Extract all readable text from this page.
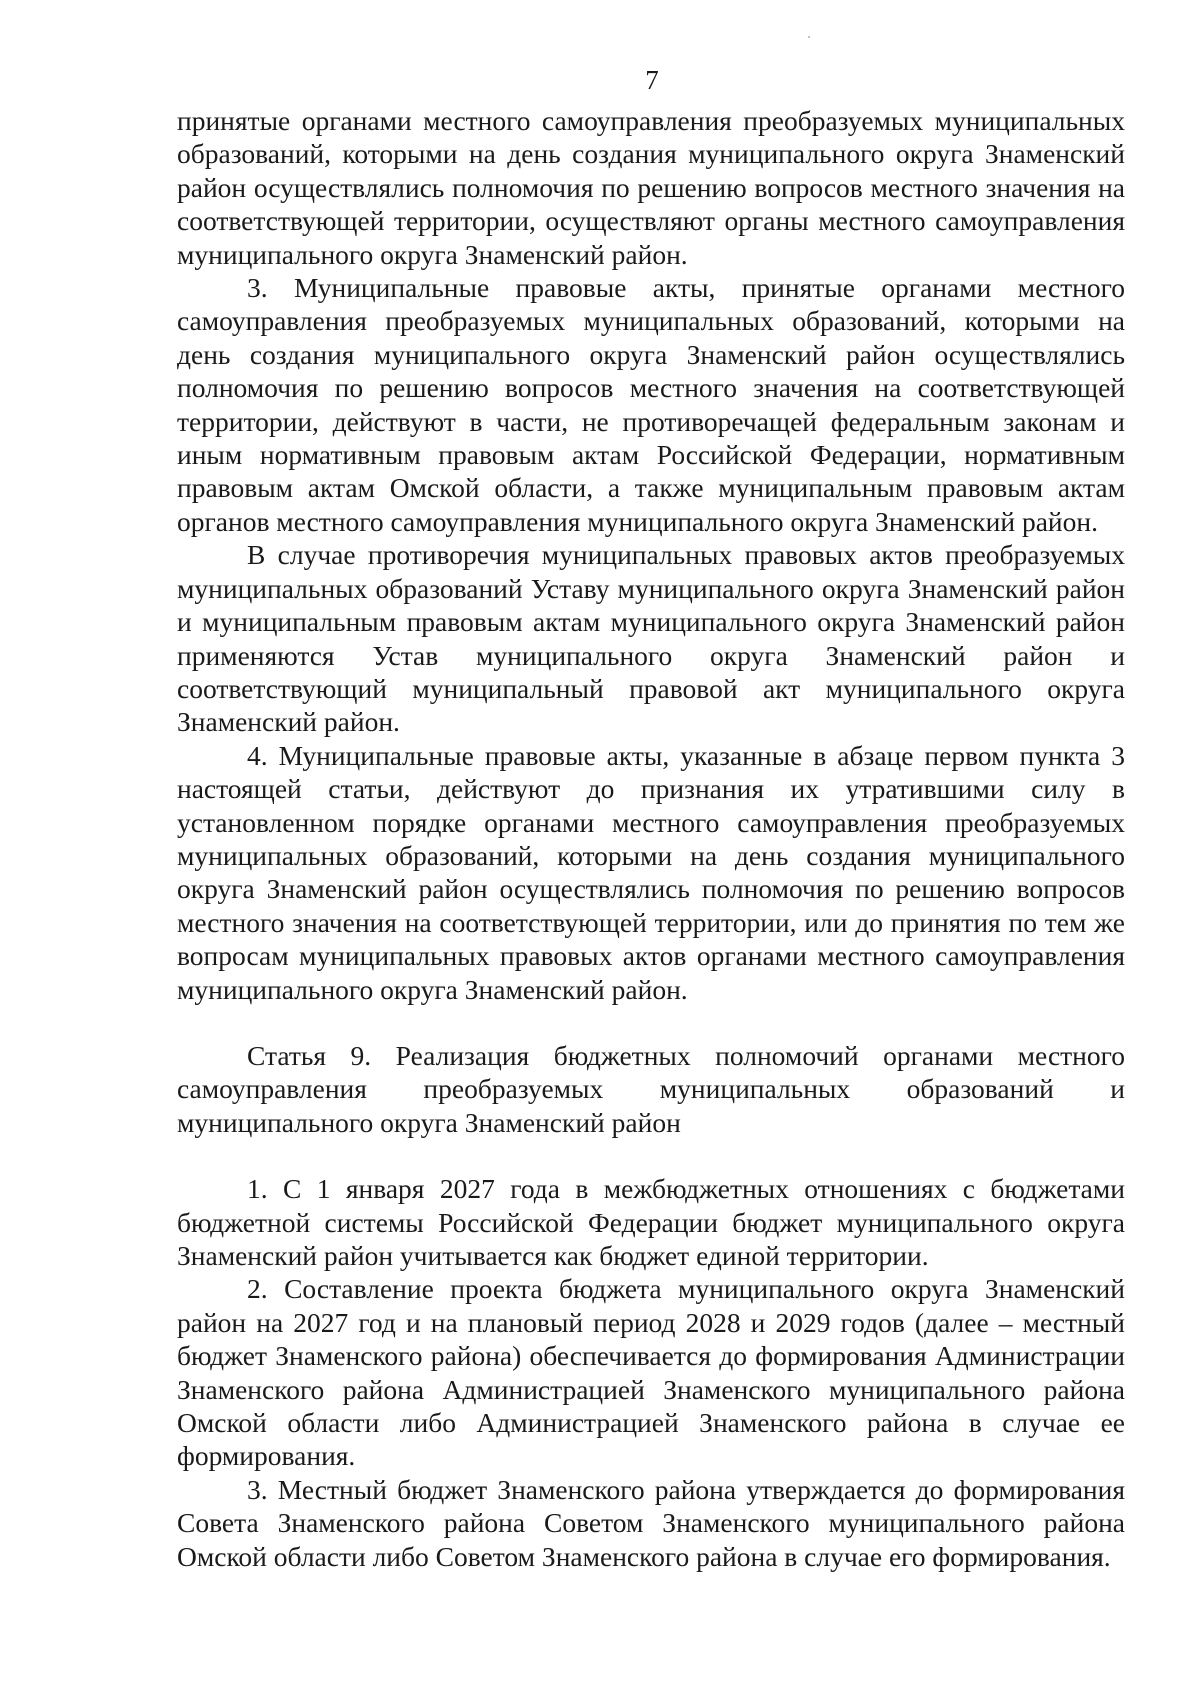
7

принятые органами местного самоуправления преобразуемых муниципальных образований, которыми на день создания муниципального округа Знаменский район осуществлялись полномочия по решению вопросов местного значения на соответствующей территории, осуществляют органы местного самоуправления муниципального округа Знаменский район.

3. Муниципальные правовые акты, принятые органами местного самоуправления преобразуемых муниципальных образований, которыми на день создания муниципального округа Знаменский район осуществлялись полномочия по решению вопросов местного значения на соответствующей территории, действуют в части, не противоречащей федеральным законам и иным нормативным правовым актам Российской Федерации, нормативным правовым актам Омской области, а также муниципальным правовым актам органов местного самоуправления муниципального округа Знаменский район.

В случае противоречия муниципальных правовых актов преобразуемых муниципальных образований Уставу муниципального округа Знаменский район и муниципальным правовым актам муниципального округа Знаменский район применяются Устав муниципального округа Знаменский район и соответствующий муниципальный правовой акт муниципального округа Знаменский район.

4. Муниципальные правовые акты, указанные в абзаце первом пункта 3 настоящей статьи, действуют до признания их утратившими силу в установленном порядке органами местного самоуправления преобразуемых муниципальных образований, которыми на день создания муниципального округа Знаменский район осуществлялись полномочия по решению вопросов местного значения на соответствующей территории, или до принятия по тем же вопросам муниципальных правовых актов органами местного самоуправления муниципального округа Знаменский район.

Статья 9. Реализация бюджетных полномочий органами местного самоуправления преобразуемых муниципальных образований и муниципального округа Знаменский район

1. С 1 января 2027 года в межбюджетных отношениях с бюджетами бюджетной системы Российской Федерации бюджет муниципального округа Знаменский район учитывается как бюджет единой территории.

2. Составление проекта бюджета муниципального округа Знаменский район на 2027 год и на плановый период 2028 и 2029 годов (далее – местный бюджет Знаменского района) обеспечивается до формирования Администрации Знаменского района Администрацией Знаменского муниципального района Омской области либо Администрацией Знаменского района в случае ее формирования.

3. Местный бюджет Знаменского района утверждается до формирования Совета Знаменского района Советом Знаменского муниципального района Омской области либо Советом Знаменского района в случае его формирования.
